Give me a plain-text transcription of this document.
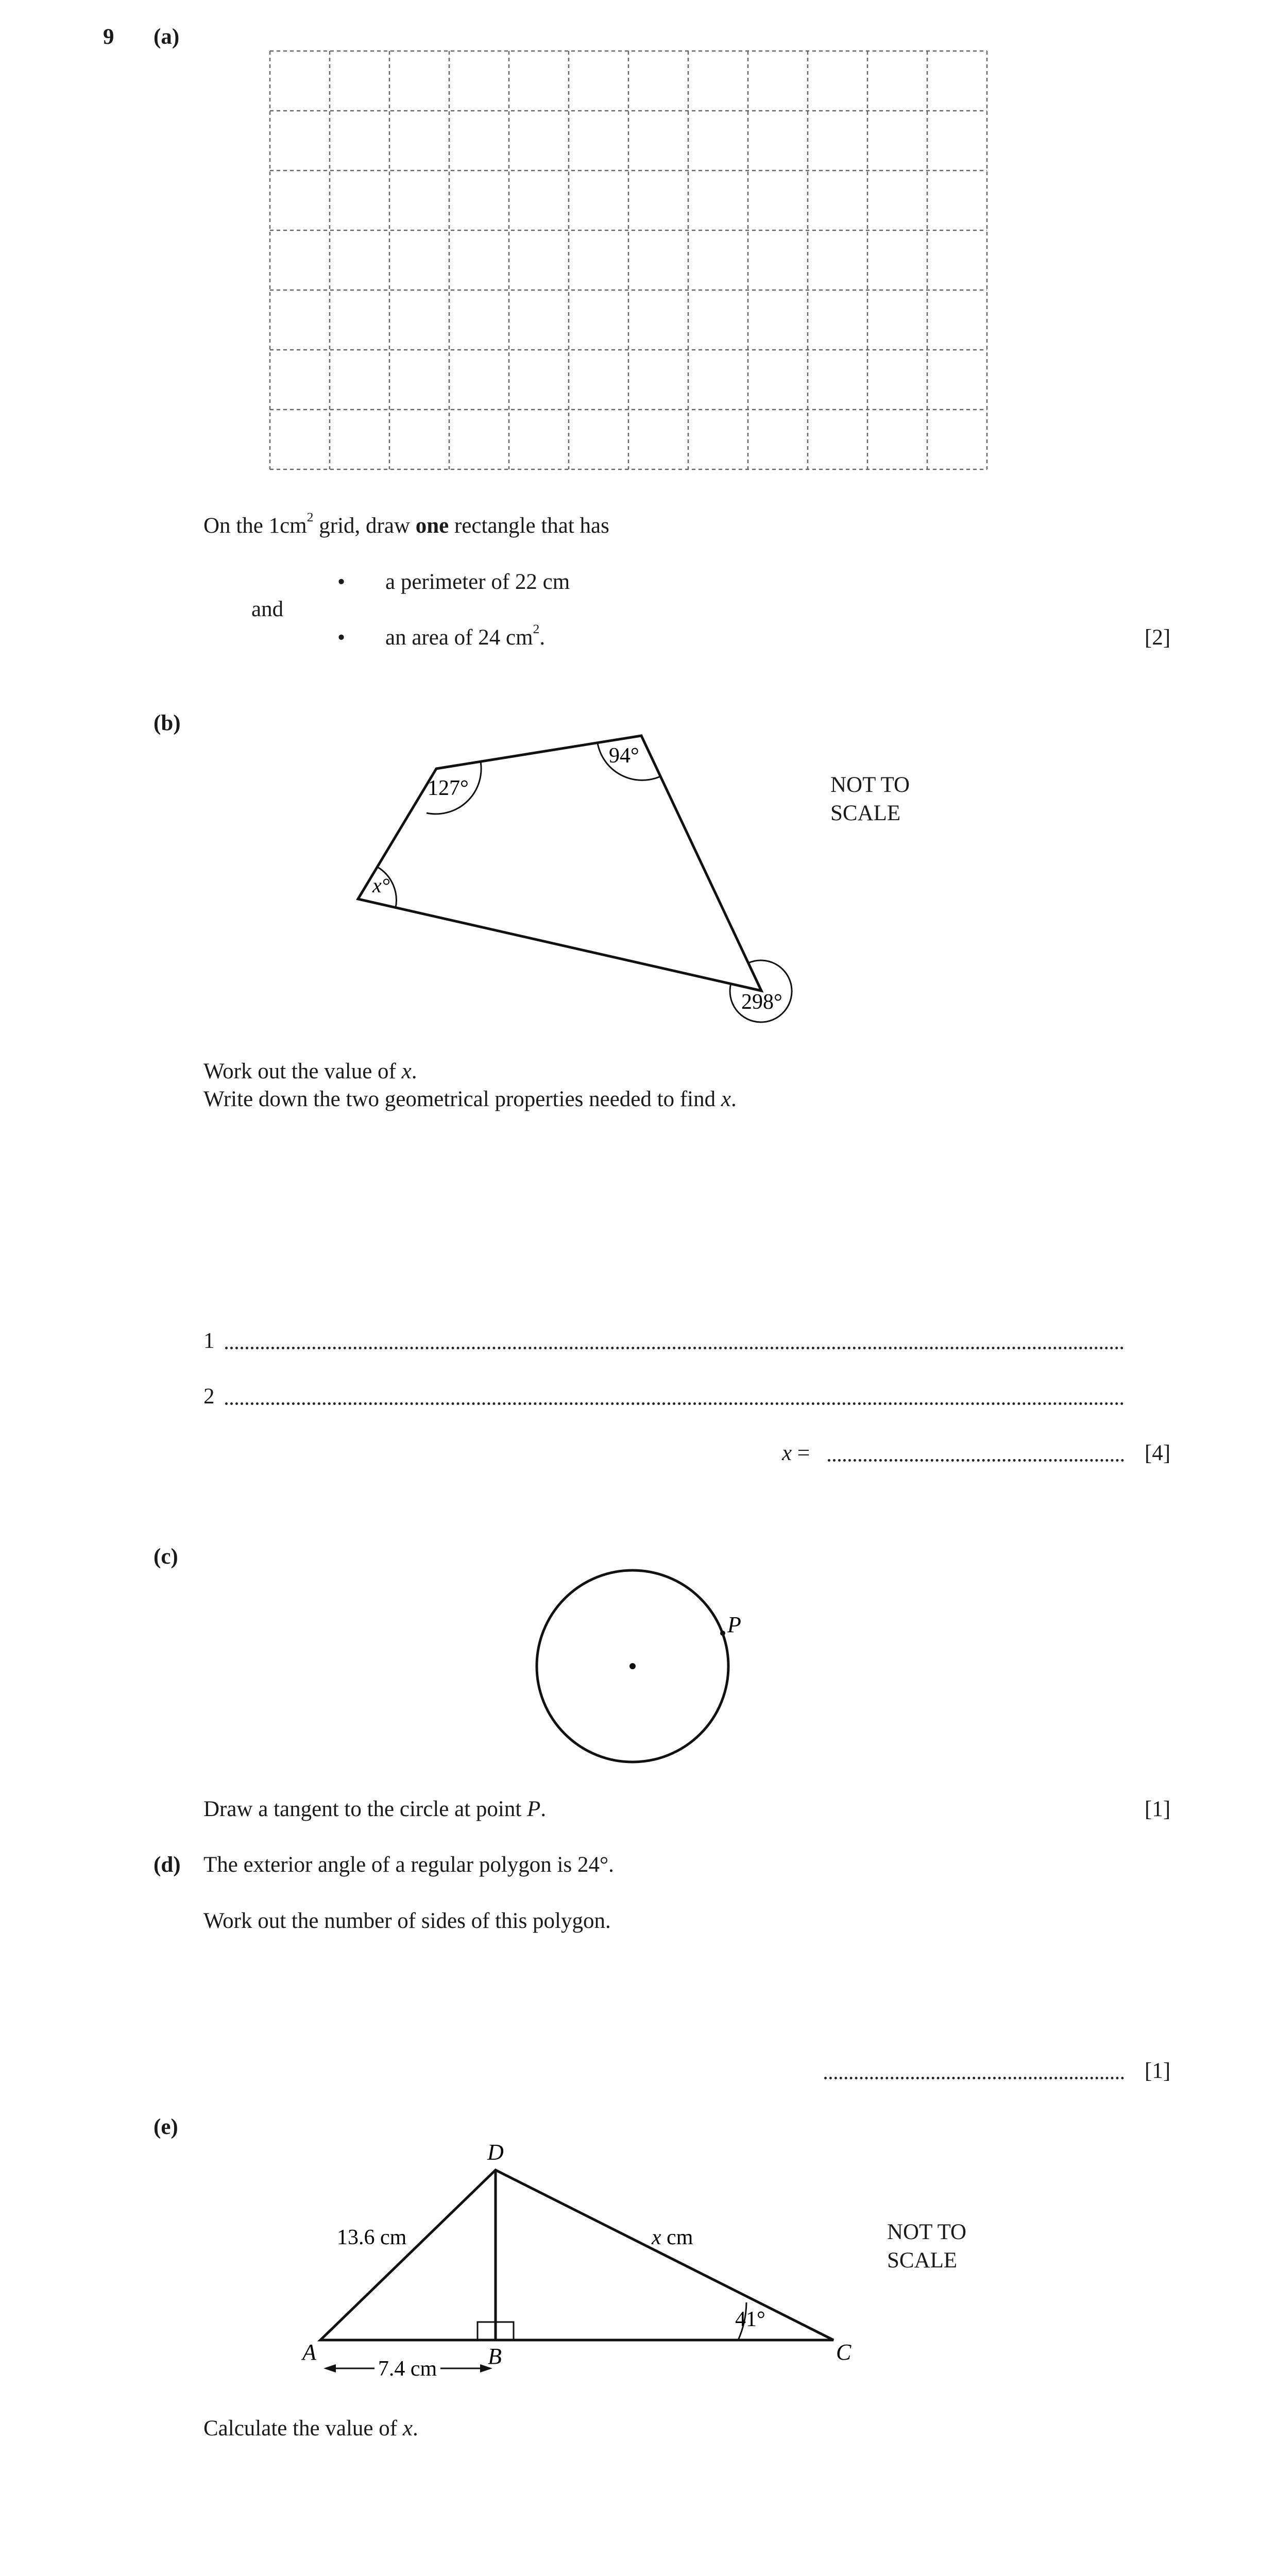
9 (a)
On the $1cm^2$ grid, draw one rectangle that has
• a perimeter of 22 cm
and
• an area of 24 $cm^2$.	[2]
(b)
127°
94°
x°
298°
NOT TO
SCALE
Work out the value of x.
Write down the two geometrical properties needed to find x.
1
2
x =	[4]
(c)
P
Draw a tangent to the circle at point P.	[1]
(d) The exterior angle of a regular polygon is 24°.
Work out the number of sides of this polygon.
[1]
(e)
7.4 cm
13.6 cm	x cm
41°
D
A	B	C
NOT TO
SCALE
Calculate the value of x.
